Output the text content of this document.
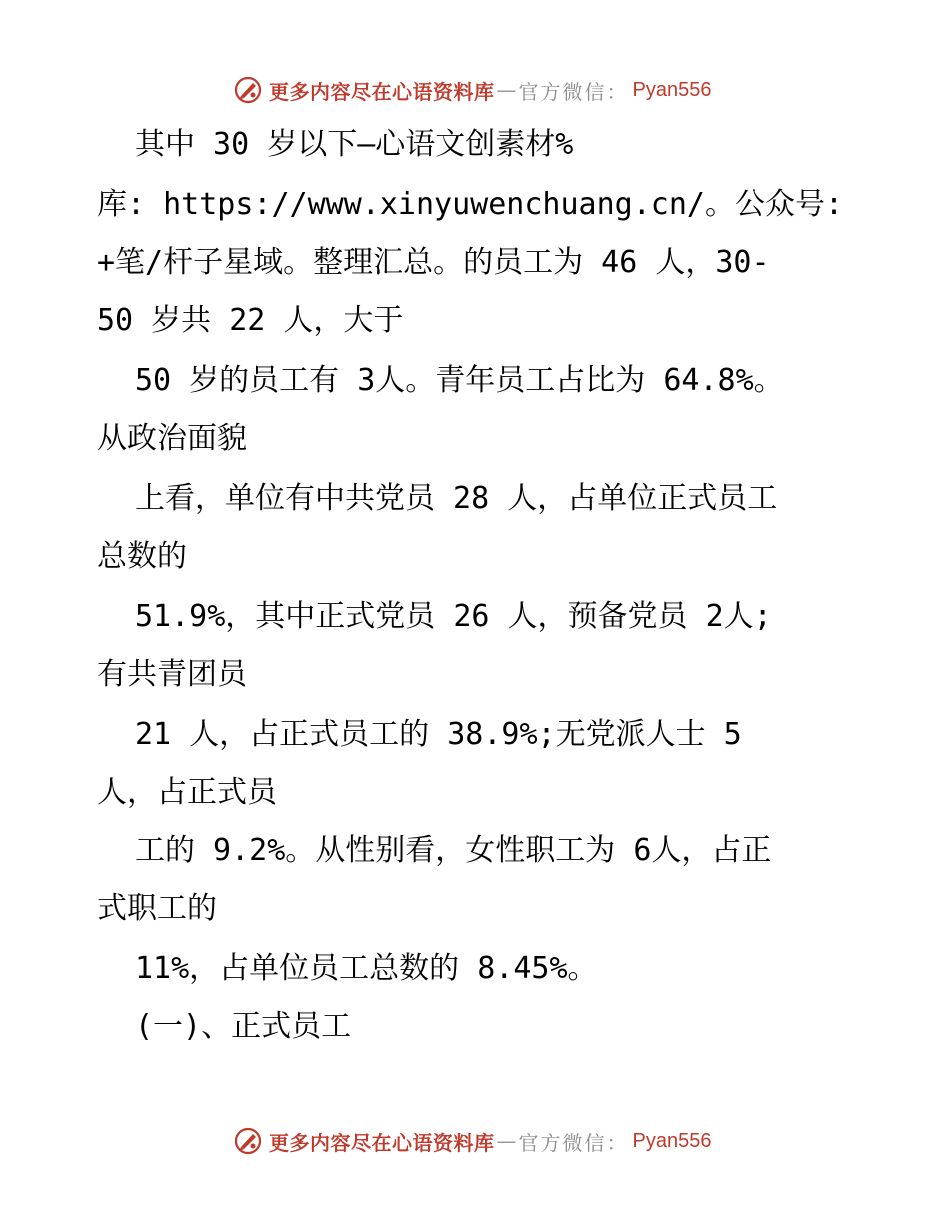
更多内容尽在心语资料库 — 官方微信： Pyan556
其中 30 岁以下—心语文创素材%
库: https://www.xinyuwenchuang.cn/。公众号:
+笔/杆子星域。整理汇总。的员工为 46 人，30-
50 岁共 22 人，大于
50 岁的员工有 3人。青年员工占比为 64.8%。
从政治面貌
上看，单位有中共党员 28 人，占单位正式员工
总数的
51.9%，其中正式党员 26 人，预备党员 2人;
有共青团员
21 人，占正式员工的 38.9%;无党派人士 5
人，占正式员
工的 9.2%。从性别看，女性职工为 6人，占正
式职工的
11%，占单位员工总数的 8.45%。
(一)、正式员工
更多内容尽在心语资料库 — 官方微信： Pyan556
